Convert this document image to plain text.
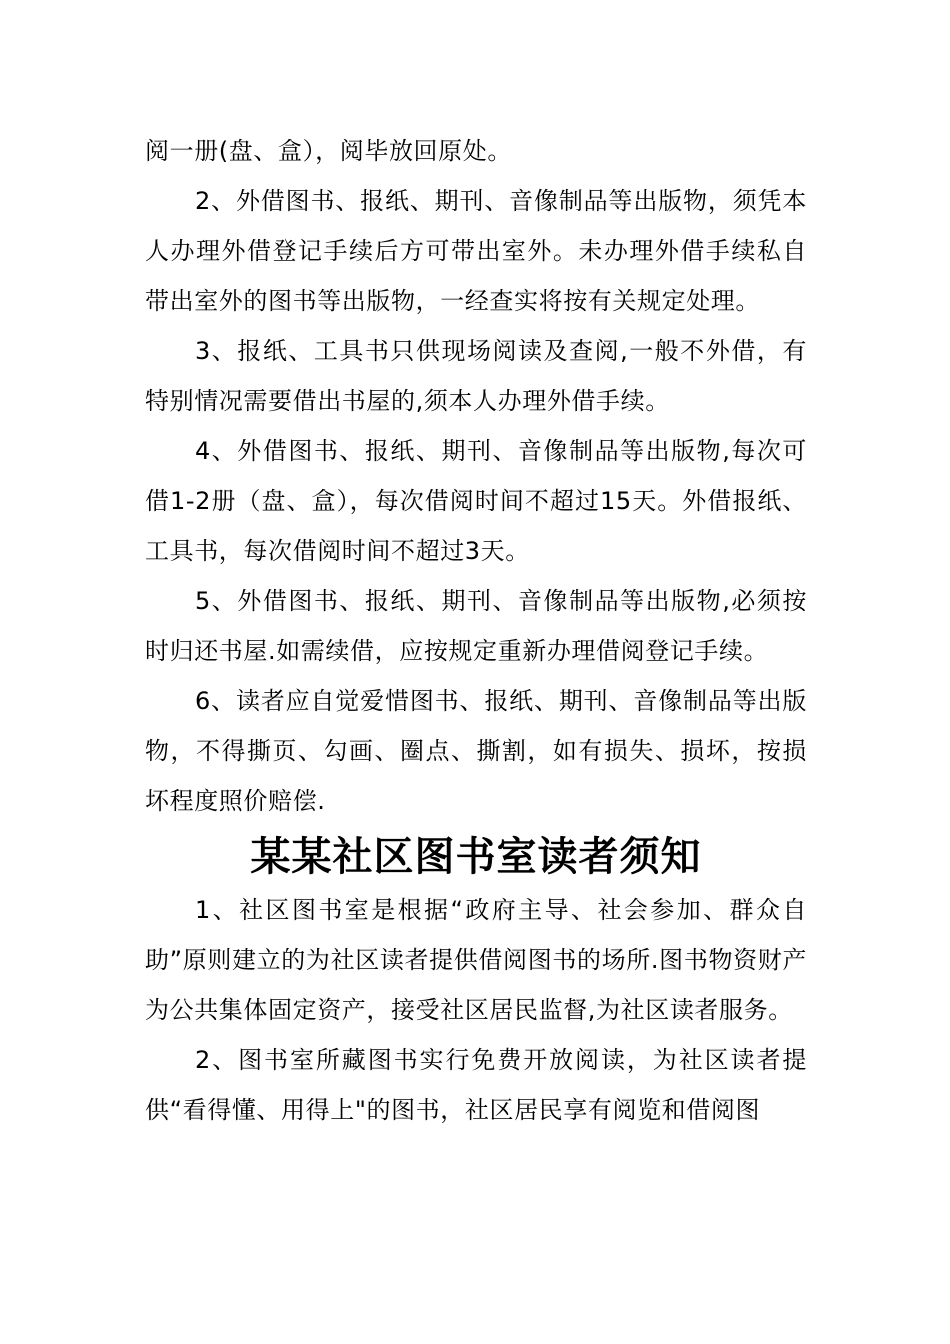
阅一册(盘、盒），阅毕放回原处。

2、外借图书、报纸、期刊、音像制品等出版物，须凭本人办理外借登记手续后方可带出室外。未办理外借手续私自带出室外的图书等出版物，一经查实将按有关规定处理。

3、报纸、工具书只供现场阅读及查阅,一般不外借，有特别情况需要借出书屋的,须本人办理外借手续。

4、外借图书、报纸、期刊、音像制品等出版物,每次可借1-2册（盘、盒），每次借阅时间不超过15天。外借报纸、工具书，每次借阅时间不超过3天。

5、外借图书、报纸、期刊、音像制品等出版物,必须按时归还书屋.如需续借，应按规定重新办理借阅登记手续。

6、读者应自觉爱惜图书、报纸、期刊、音像制品等出版物，不得撕页、勾画、圈点、撕割，如有损失、损坏，按损坏程度照价赔偿.

某某社区图书室读者须知

1、社区图书室是根据“政府主导、社会参加、群众自助”原则建立的为社区读者提供借阅图书的场所.图书物资财产为公共集体固定资产，接受社区居民监督,为社区读者服务。

2、图书室所藏图书实行免费开放阅读，为社区读者提供“看得懂、用得上"的图书，社区居民享有阅览和借阅图
